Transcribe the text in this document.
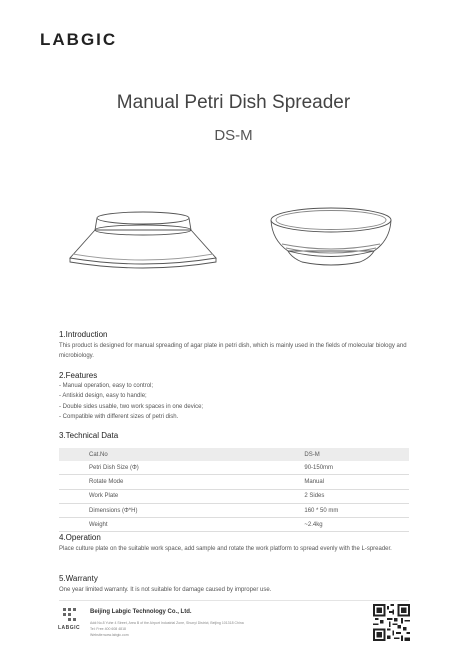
LABGIC
Manual Petri Dish Spreader
DS-M
1.Introduction
This product is designed for manual spreading of agar plate in petri dish, which is mainly used in the fields of molecular biology and microbiology.
2.Features
- Manual operation, easy to control;
- Antiskid design, easy to handle;
- Double sides usable, two work spaces in one device;
- Compatible with different sizes of petri dish.
3.Technical Data
Cat.No	DS-M
Petri Dish Size (Φ)	90-150mm
Rotate Mode	Manual
Work Plate	2 Sides
Dimensions (Φ*H)	160 * 50 mm
Weight	~2.4kg
4.Operation
Place culture plate on the suitable work space, add sample and rotate the work platform to spread evenly with the L-spreader.
5.Warranty
One year limited warranty. It is not suitable for damage caused by improper use.
LABGIC
Beijing Labgic Technology Co., Ltd.
Add:No.8 Yuhe 4 Street, Area B of the Airport Industrial Zone, Shunyi District, Beijing 101318 China
Tel: Free 400 608 4818
Website:www.labgic.com
